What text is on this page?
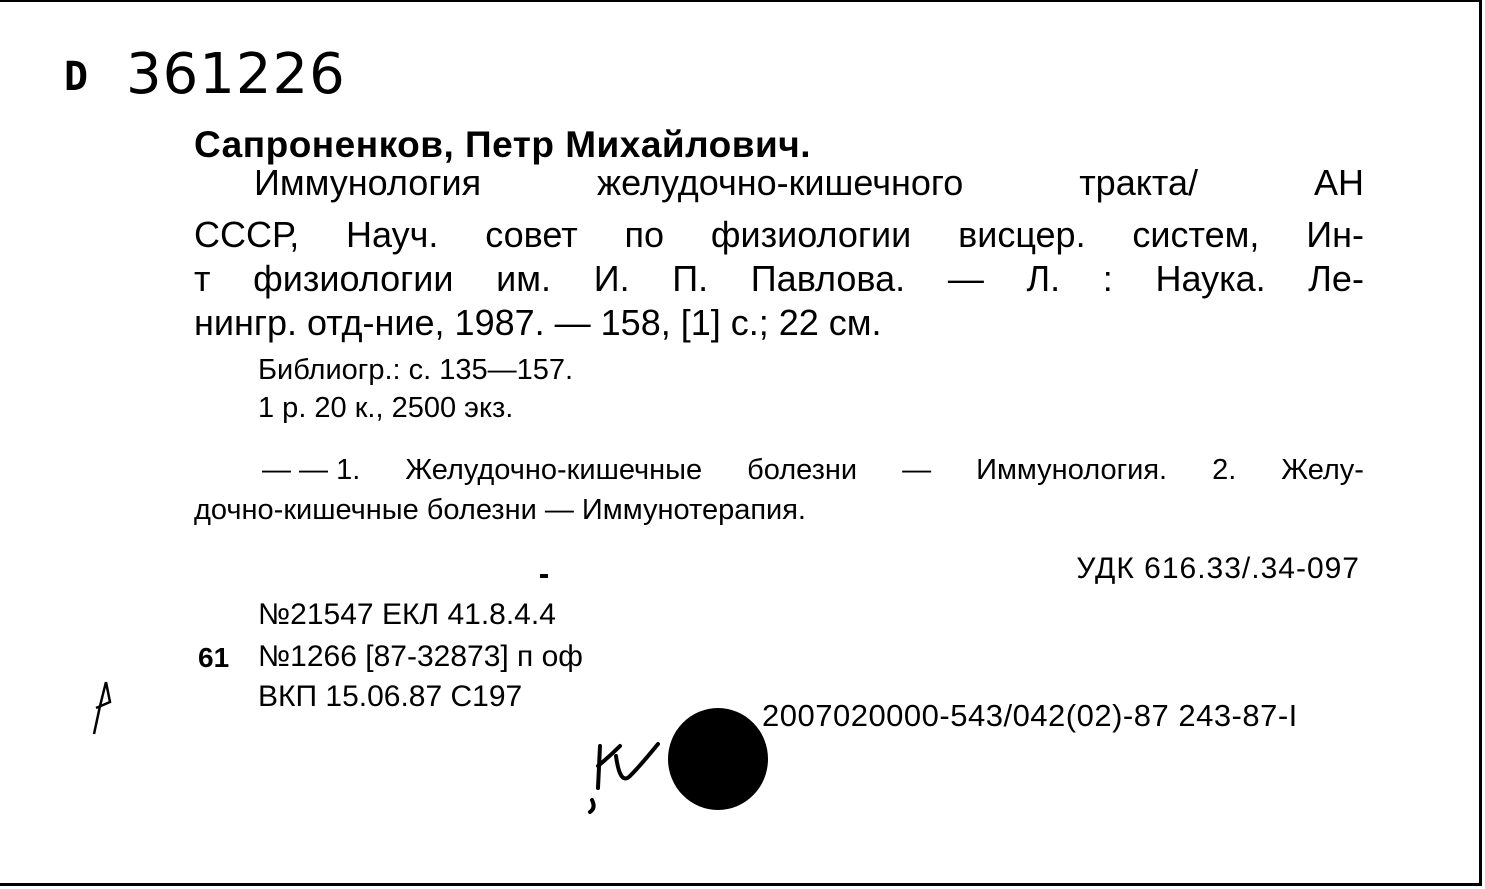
D 361226
Сапроненков, Петр Михайлович.
Иммунология	желудочно-кишечного	тракта/	АН
СССР, Науч. совет по физиологии висцер. систем, Ин-
т физиологии им. И. П. Павлова. — Л. : Наука. Ле-
нингр. отд-ние, 1987. — 158, [1] с.; 22 см.
Библиогр.: с. 135—157.
1 р. 20 к., 2500 экз.
— — 1. Желудочно-кишечные болезни — Иммунология. 2. Желу-
дочно-кишечные болезни — Иммунотерапия.
УДК 616.33/.34-097
№21547 ЕКЛ 41.8.4.4
61 №1266 [87-32873] п оф
ВКП 15.06.87 С197
2007020000-543/042(02)-87 243-87-I
